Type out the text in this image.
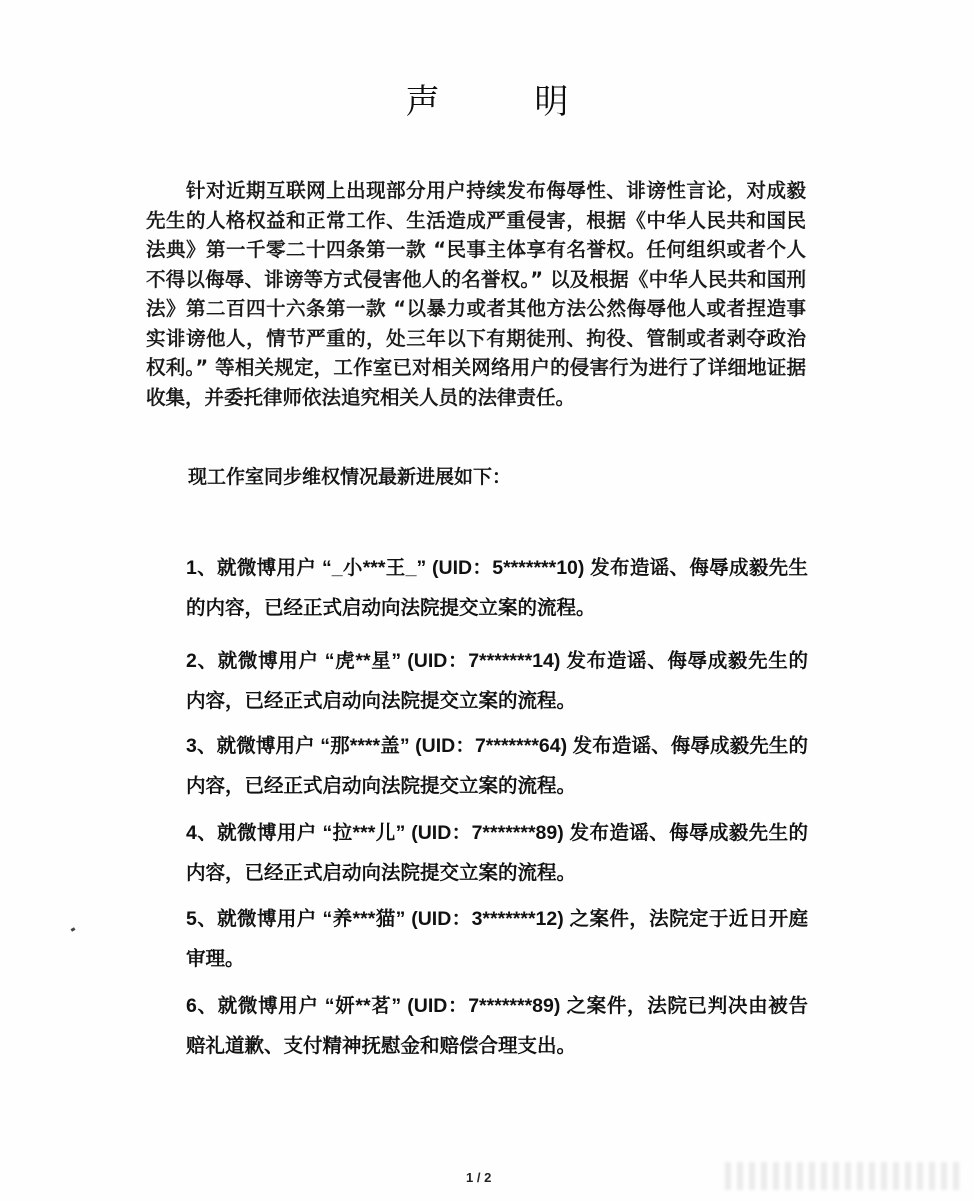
声 明
针对近期互联网上出现部分用户持续发布侮辱性、诽谤性言论，对成毅先生的人格权益和正常工作、生活造成严重侵害，根据《中华人民共和国民法典》第一千零二十四条第一款 “民事主体享有名誉权。任何组织或者个人不得以侮辱、诽谤等方式侵害他人的名誉权。” 以及根据《中华人民共和国刑法》第二百四十六条第一款 “以暴力或者其他方法公然侮辱他人或者捏造事实诽谤他人，情节严重的，处三年以下有期徒刑、拘役、管制或者剥夺政治权利。” 等相关规定，工作室已对相关网络用户的侵害行为进行了详细地证据收集，并委托律师依法追究相关人员的法律责任。
现工作室同步维权情况最新进展如下：
1、就微博用户 “_小***王_” (UID：5*******10) 发布造谣、侮辱成毅先生的内容，已经正式启动向法院提交立案的流程。
2、就微博用户 “虎**星” (UID：7*******14) 发布造谣、侮辱成毅先生的内容，已经正式启动向法院提交立案的流程。
3、就微博用户 “那****盖” (UID：7*******64) 发布造谣、侮辱成毅先生的内容，已经正式启动向法院提交立案的流程。
4、就微博用户 “拉***儿” (UID：7*******89) 发布造谣、侮辱成毅先生的内容，已经正式启动向法院提交立案的流程。
5、就微博用户 “养***猫” (UID：3*******12) 之案件，法院定于近日开庭审理。
6、就微博用户 “妍**茗” (UID：7*******89) 之案件，法院已判决由被告赔礼道歉、支付精神抚慰金和赔偿合理支出。
1 / 2
